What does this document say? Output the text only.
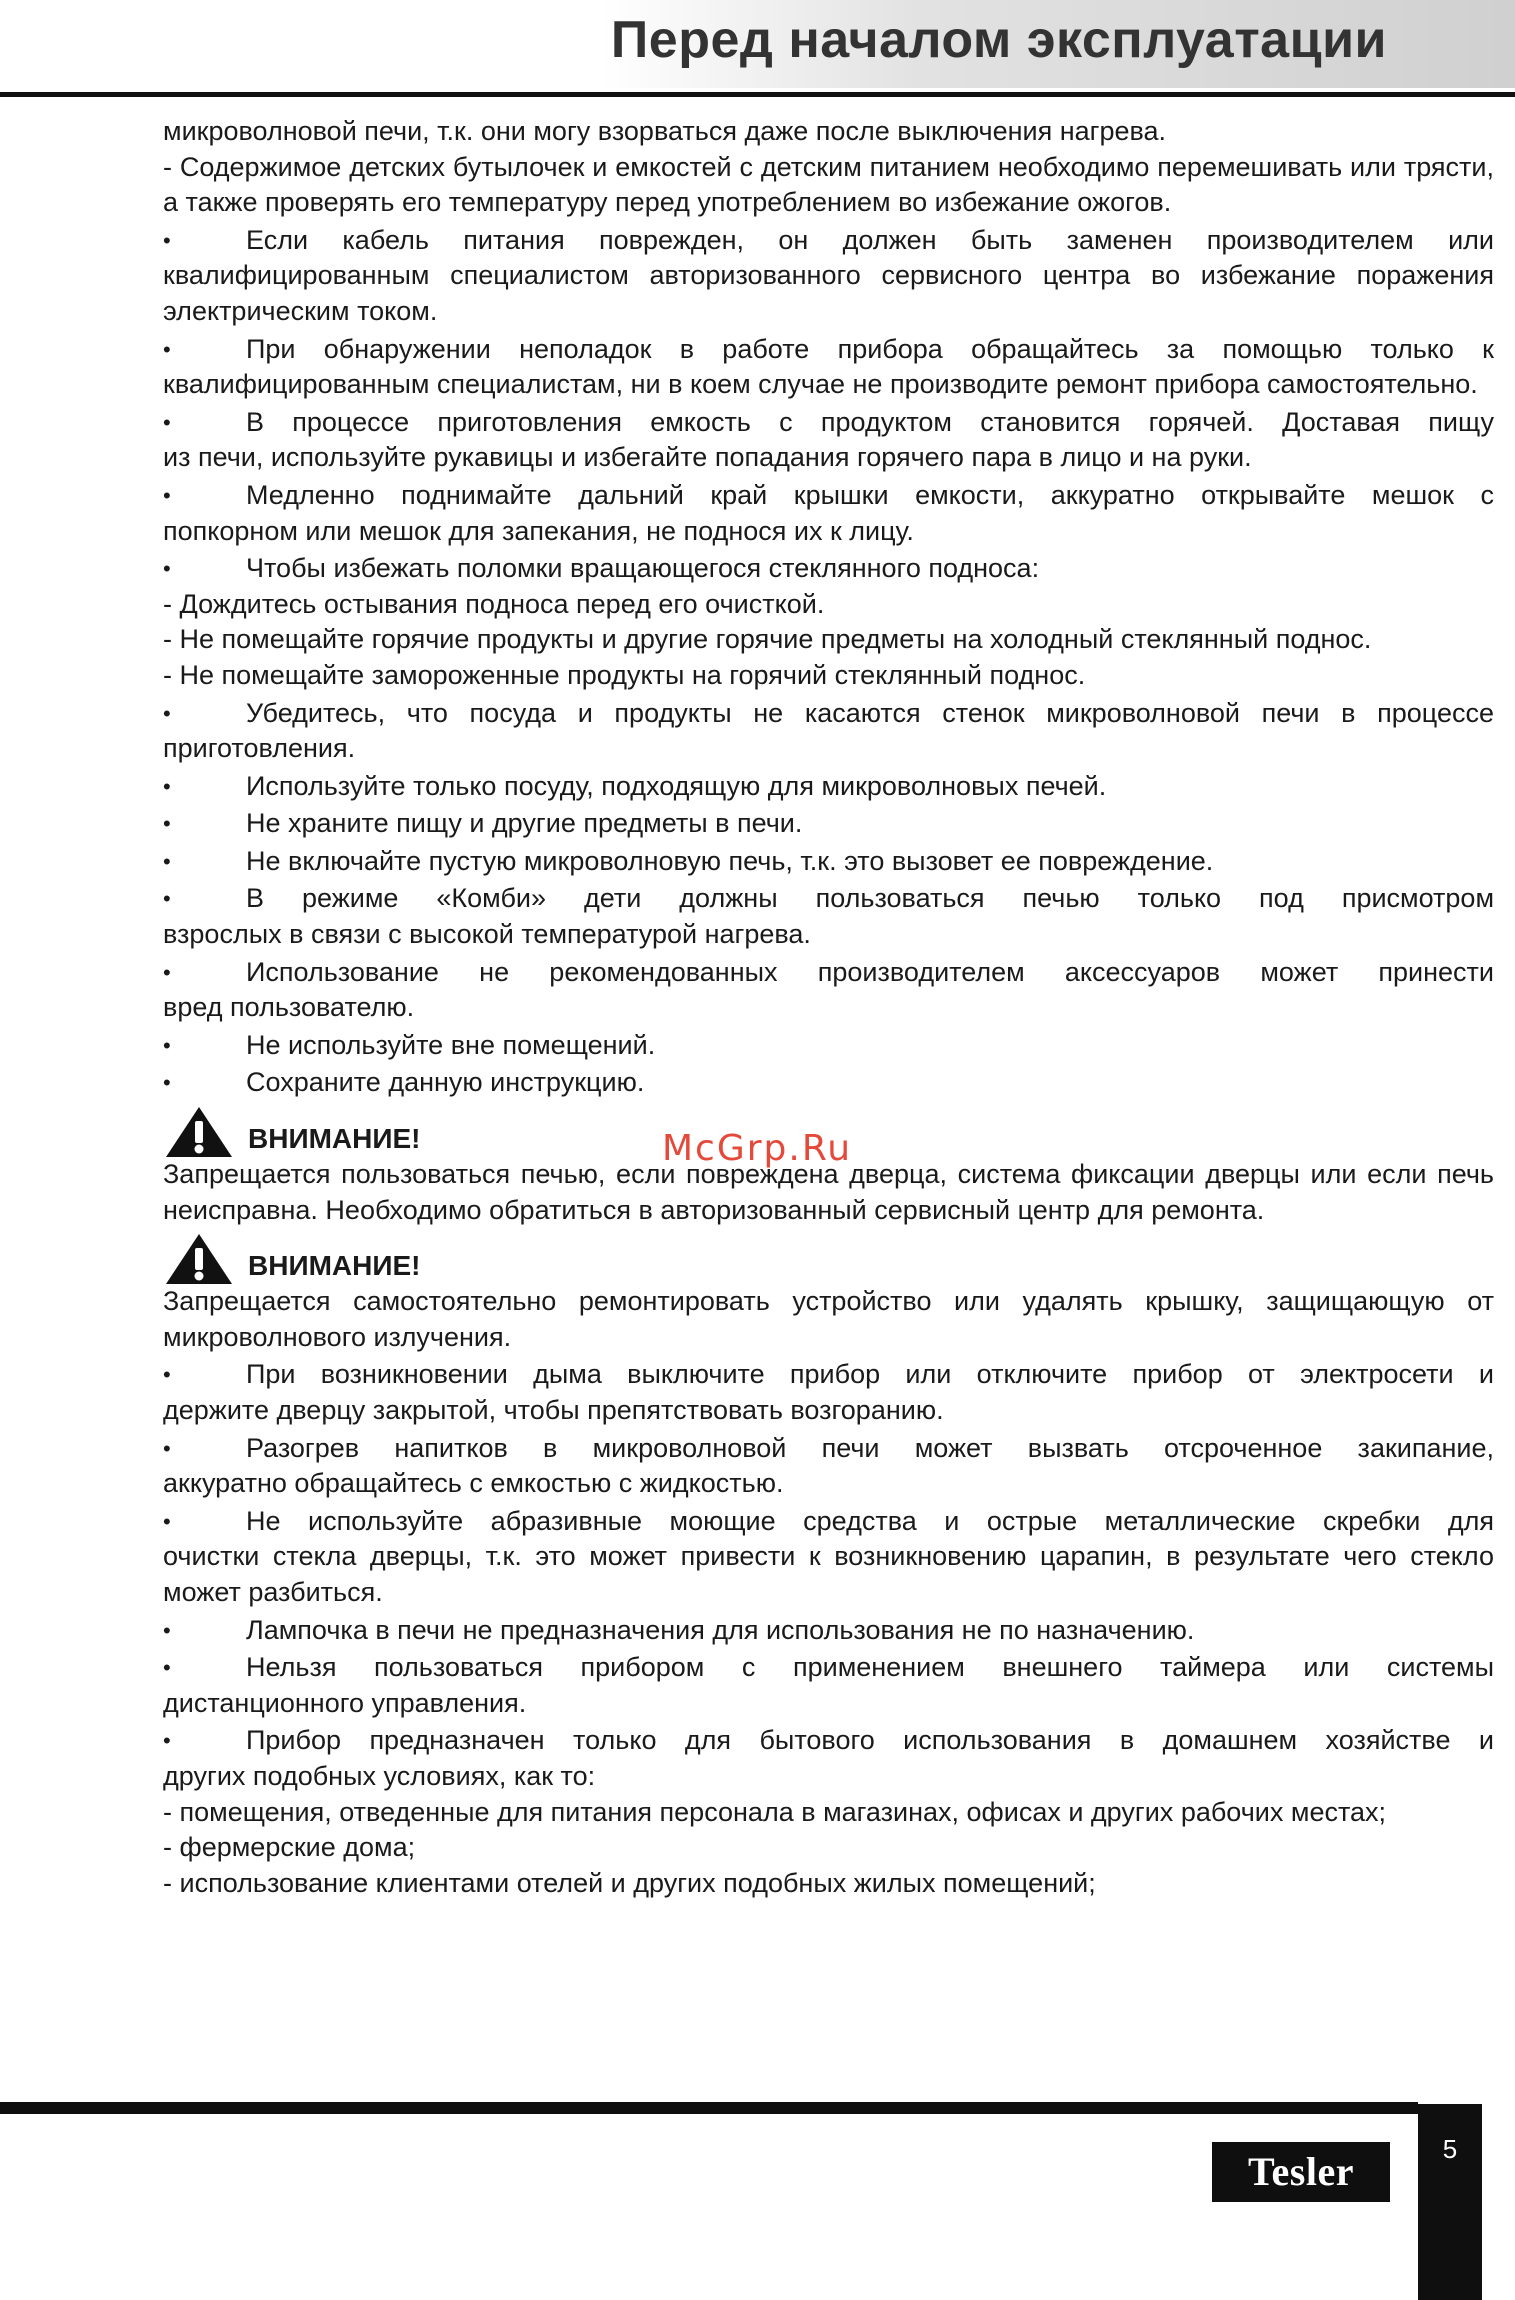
Перед началом эксплуатации

микроволновой печи, т.к. они могу взорваться даже после выключения нагрева.

- Содержимое детских бутылочек и емкостей с детским питанием необходимо перемешивать или трясти, а также проверять его температуру перед употреблением во избежание ожогов.

•	Если кабель питания поврежден, он должен быть заменен производителем или

квалифицированным специалистом авторизованного сервисного центра во избежание поражения электрическим током.

•	При обнаружении неполадок в работе прибора обращайтесь за помощью только к

квалифицированным специалистам, ни в коем случае не производите ремонт прибора самостоятельно.

•	В процессе приготовления емкость с продуктом становится горячей. Доставая пищу

из печи, используйте рукавицы и избегайте попадания горячего пара в лицо и на руки.

•	Медленно поднимайте дальний край крышки емкости, аккуратно открывайте мешок с

попкорном или мешок для запекания, не поднося их к лицу.

•	Чтобы избежать поломки вращающегося стеклянного подноса:

- Дождитесь остывания подноса перед его очисткой.

- Не помещайте горячие продукты и другие горячие предметы на холодный стеклянный поднос.

- Не помещайте замороженные продукты на горячий стеклянный поднос.

•	Убедитесь, что посуда и продукты не касаются стенок микроволновой печи в процессе

приготовления.

•	Используйте только посуду, подходящую для микроволновых печей.
•	Не храните пищу и другие предметы в печи.
•	Не включайте пустую микроволновую печь, т.к. это вызовет ее повреждение.
•	В режиме «Комби» дети должны пользоваться печью только под присмотром

взрослых в связи с высокой температурой нагрева.

•	Использование не рекомендованных производителем аксессуаров может принести

вред пользователю.

•	Не используйте вне помещений.
•	Сохраните данную инструкцию.
ВНИМАНИЕ!

Запрещается пользоваться печью, если повреждена дверца, система фиксации дверцы или если печь неисправна. Необходимо обратиться в авторизованный сервисный центр для ремонта.

ВНИМАНИЕ!

Запрещается самостоятельно ремонтировать устройство или удалять крышку, защищающую от микроволнового излучения.

•	При возникновении дыма выключите прибор или отключите прибор от электросети и

держите дверцу закрытой, чтобы препятствовать возгоранию.

•	Разогрев напитков в микроволновой печи может вызвать отсроченное закипание,

аккуратно обращайтесь с емкостью с жидкостью.

•	Не используйте абразивные моющие средства и острые металлические скребки для

очистки стекла дверцы, т.к. это может привести к возникновению царапин, в результате чего стекло может разбиться.

•	Лампочка в печи не предназначения для использования не по назначению.
•	Нельзя пользоваться прибором с применением внешнего таймера или системы

дистанционного управления.

•	Прибор предназначен только для бытового использования в домашнем хозяйстве и

других подобных условиях, как то:

- помещения, отведенные для питания персонала в магазинах, офисах и других рабочих местах;

- фермерские дома;

- использование клиентами отелей и других подобных жилых помещений;

McGrp.Ru
5
Tesler
